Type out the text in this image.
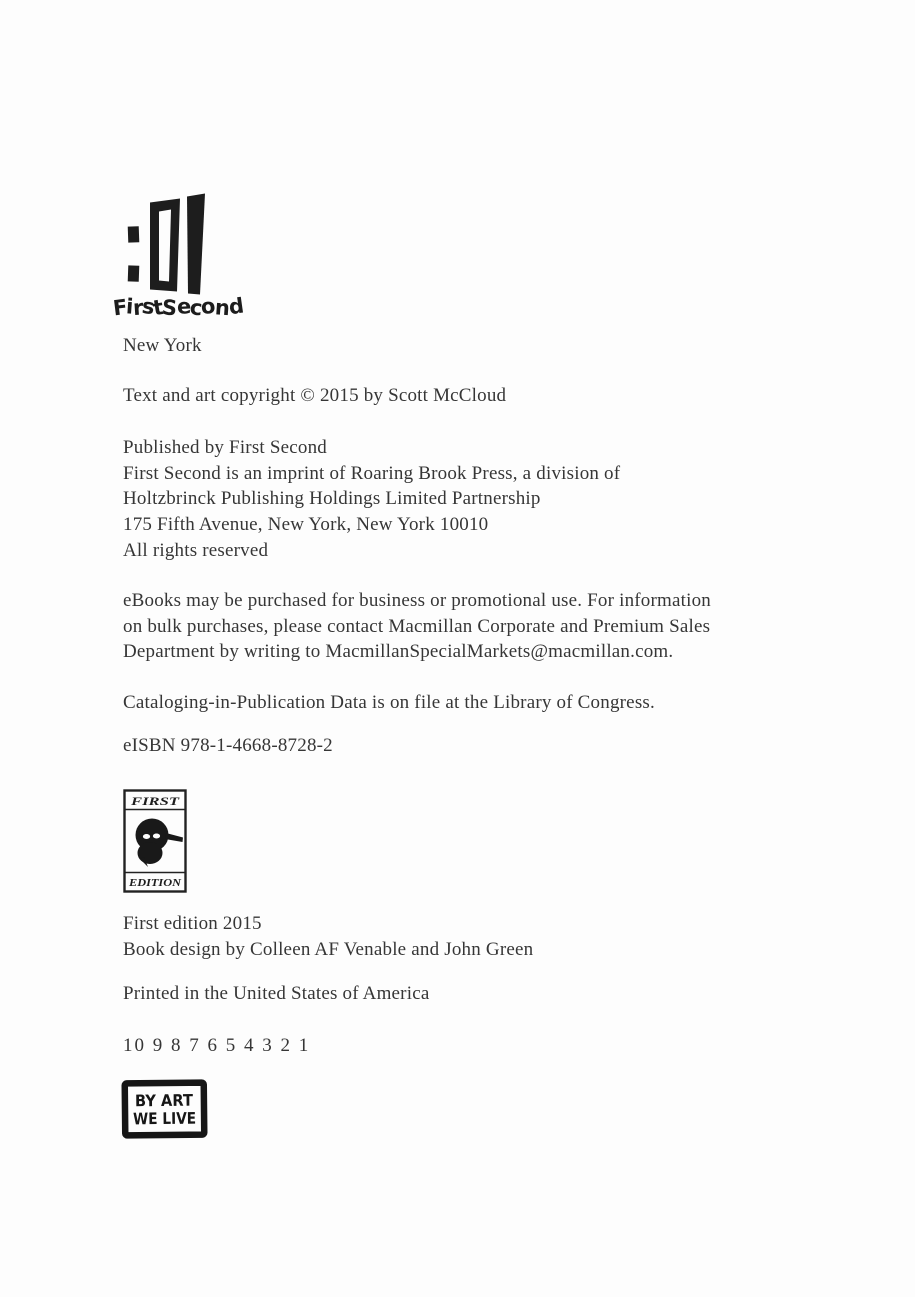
FirstSecond
New York
Text and art copyright © 2015 by Scott McCloud
Published by First Second
First Second is an imprint of Roaring Brook Press, a division of
Holtzbrinck Publishing Holdings Limited Partnership
175 Fifth Avenue, New York, New York 10010
All rights reserved
eBooks may be purchased for business or promotional use. For information
on bulk purchases, please contact Macmillan Corporate and Premium Sales
Department by writing to MacmillanSpecialMarkets@macmillan.com.
Cataloging-in-Publication Data is on file at the Library of Congress.
eISBN 978-1-4668-8728-2
FIRST
EDITION
First edition 2015
Book design by Colleen AF Venable and John Green
Printed in the United States of America
10 9 8 7 6 5 4 3 2 1
BY ART
WE LIVE
